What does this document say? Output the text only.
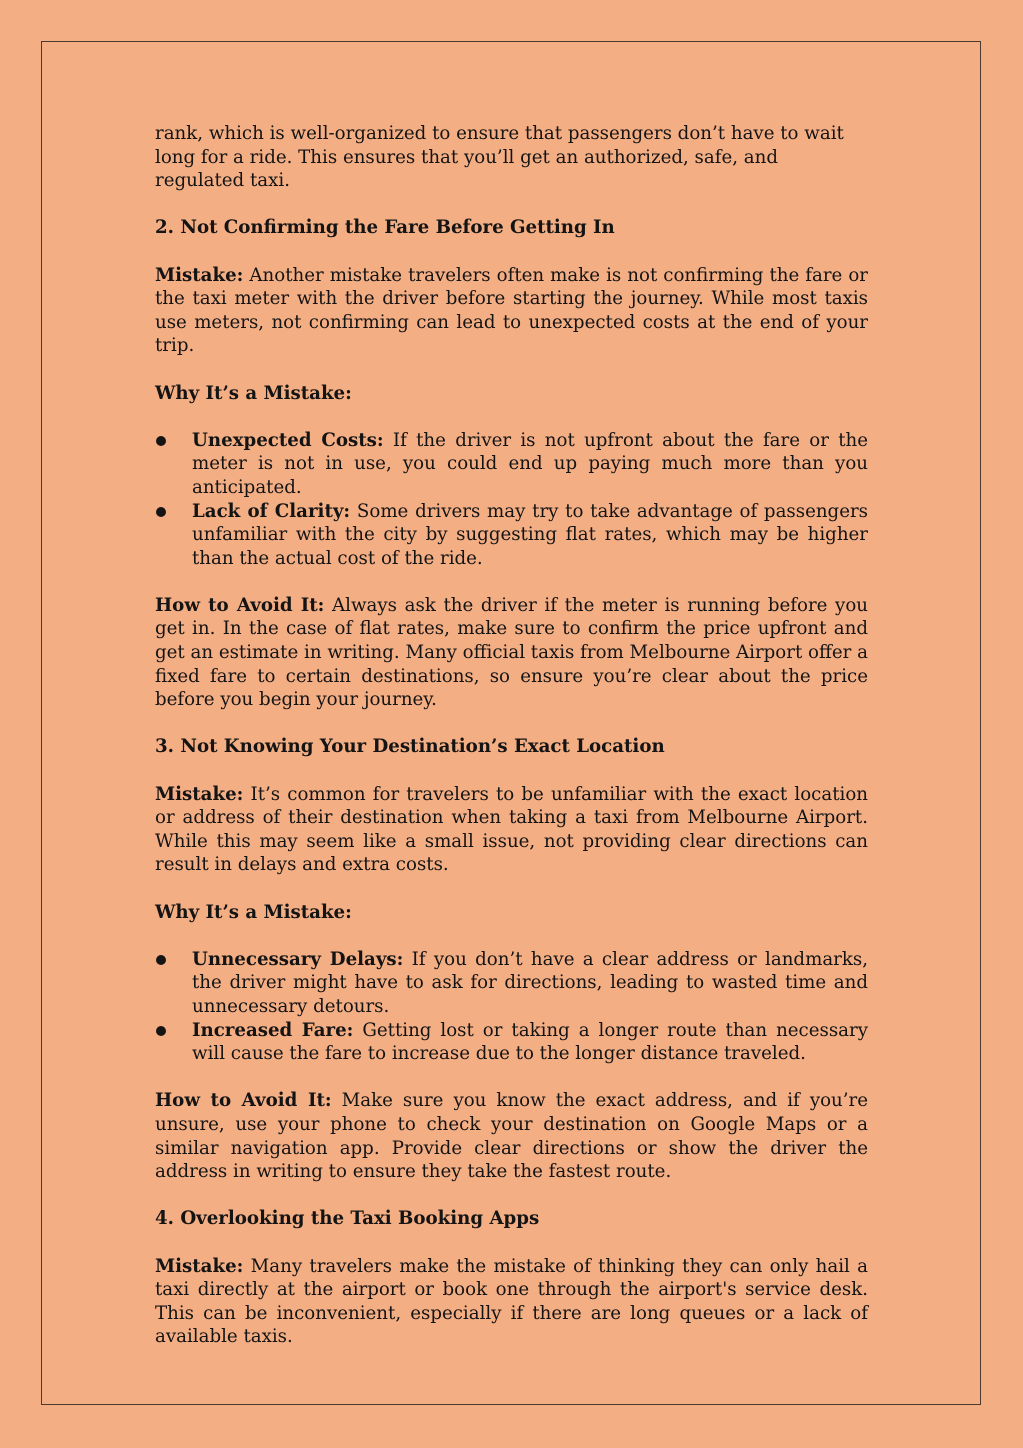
rank, which is well-organized to ensure that passengers don’t have to wait long for a ride. This ensures that you’ll get an authorized, safe, and regulated taxi.

2. Not Confirming the Fare Before Getting In

Mistake: Another mistake travelers often make is not confirming the fare or the taxi meter with the driver before starting the journey. While most taxis use meters, not confirming can lead to unexpected costs at the end of your trip.

Why It’s a Mistake:
Unexpected Costs: If the driver is not upfront about the fare or the meter is not in use, you could end up paying much more than you anticipated.
Lack of Clarity: Some drivers may try to take advantage of passengers unfamiliar with the city by suggesting flat rates, which may be higher than the actual cost of the ride.

How to Avoid It: Always ask the driver if the meter is running before you get in. In the case of flat rates, make sure to confirm the price upfront and get an estimate in writing. Many official taxis from Melbourne Airport offer a fixed fare to certain destinations, so ensure you’re clear about the price before you begin your journey.

3. Not Knowing Your Destination’s Exact Location

Mistake: It’s common for travelers to be unfamiliar with the exact location or address of their destination when taking a taxi from Melbourne Airport. While this may seem like a small issue, not providing clear directions can result in delays and extra costs.

Why It’s a Mistake:
Unnecessary Delays: If you don’t have a clear address or landmarks, the driver might have to ask for directions, leading to wasted time and unnecessary detours.
Increased Fare: Getting lost or taking a longer route than necessary will cause the fare to increase due to the longer distance traveled.

How to Avoid It: Make sure you know the exact address, and if you’re unsure, use your phone to check your destination on Google Maps or a similar navigation app. Provide clear directions or show the driver the address in writing to ensure they take the fastest route.

4. Overlooking the Taxi Booking Apps

Mistake: Many travelers make the mistake of thinking they can only hail a taxi directly at the airport or book one through the airport's service desk. This can be inconvenient, especially if there are long queues or a lack of available taxis.
